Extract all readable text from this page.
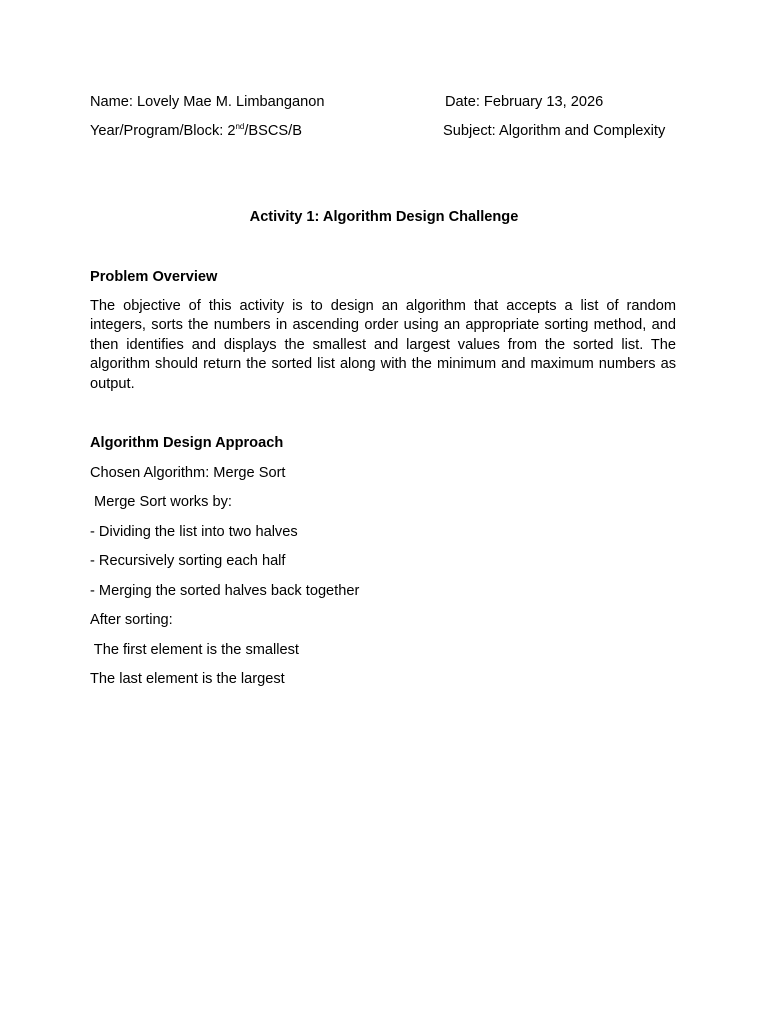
Name: Lovely Mae M. Limbanganon	Date: February 13, 2026
Year/Program/Block: 2nd/BSCS/B	Subject: Algorithm and Complexity
Activity 1: Algorithm Design Challenge
Problem Overview
The objective of this activity is to design an algorithm that accepts a list of random integers, sorts the numbers in ascending order using an appropriate sorting method, and then identifies and displays the smallest and largest values from the sorted list. The algorithm should return the sorted list along with the minimum and maximum numbers as output.
Algorithm Design Approach
Chosen Algorithm: Merge Sort
Merge Sort works by:
- Dividing the list into two halves
- Recursively sorting each half
- Merging the sorted halves back together
After sorting:
The first element is the smallest
The last element is the largest
